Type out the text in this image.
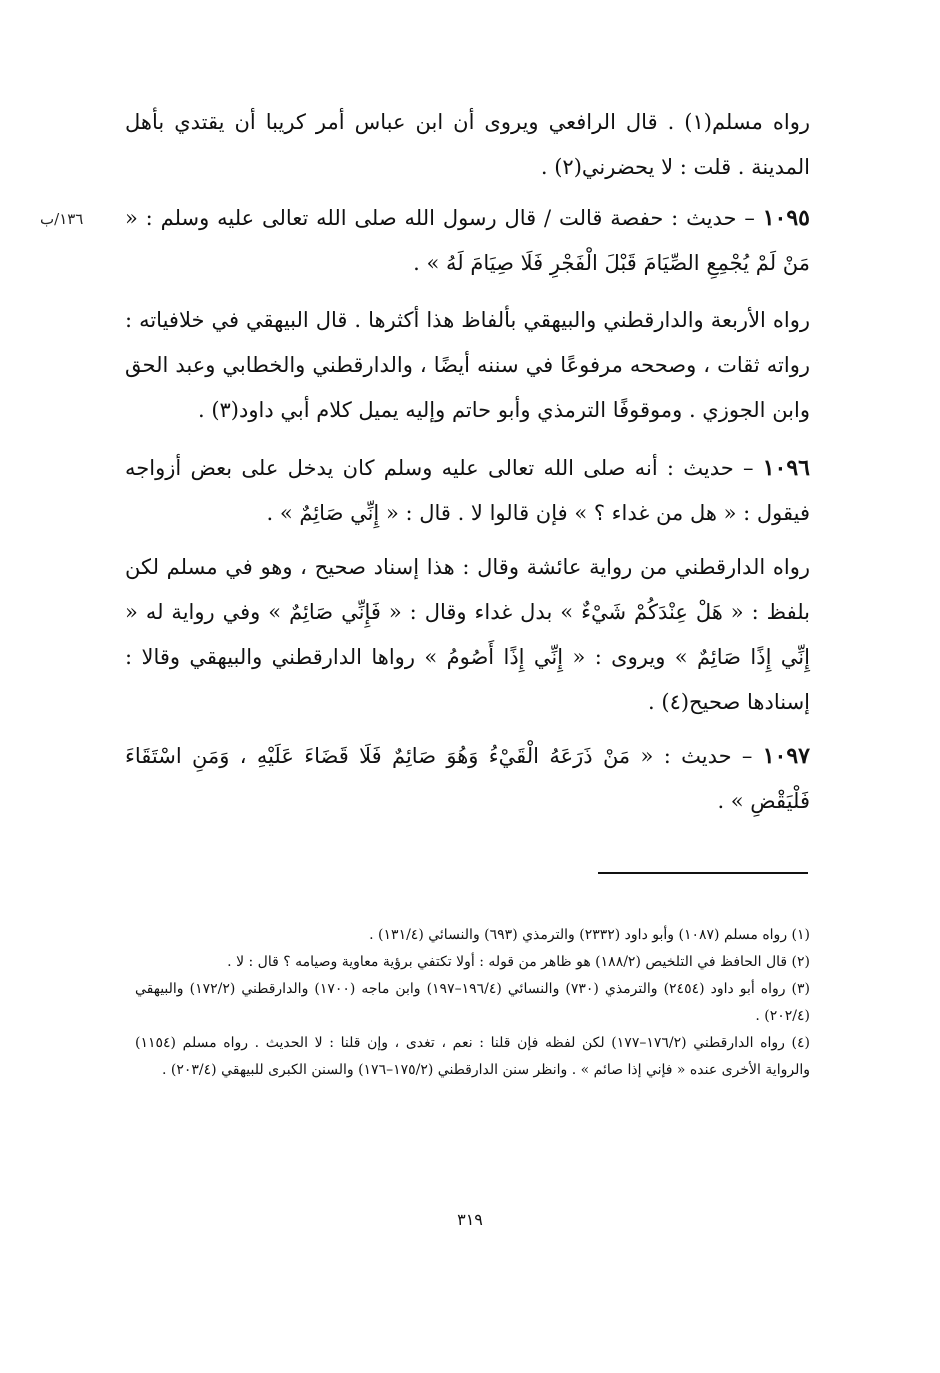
١٣٦/ب

رواه مسلم(١) . قال الرافعي ويروى أن ابن عباس أمر كريبا أن يقتدي بأهل المدينة . قلت : لا يحضرني(٢) .

١٠٩٥ – حديث : حفصة قالت / قال رسول الله صلى الله تعالى عليه وسلم : « مَنْ لَمْ يُجْمِعِ الصِّيَامَ قَبْلَ الْفَجْرِ فَلَا صِيَامَ لَهُ » .

رواه الأربعة والدارقطني والبيهقي بألفاظ هذا أكثرها . قال البيهقي في خلافياته : رواته ثقات ، وصححه مرفوعًا في سننه أيضًا ، والدارقطني والخطابي وعبد الحق وابن الجوزي . وموقوفًا الترمذي وأبو حاتم وإليه يميل كلام أبي داود(٣) .

١٠٩٦ – حديث : أنه صلى الله تعالى عليه وسلم كان يدخل على بعض أزواجه فيقول : « هل من غداء ؟ » فإن قالوا لا . قال : « إِنِّي صَائِمٌ » .

رواه الدارقطني من رواية عائشة وقال : هذا إسناد صحيح ، وهو في مسلم لكن بلفظ : « هَلْ عِنْدَكُمْ شَيْءٌ » بدل غداء وقال : « فَإِنِّي صَائِمٌ » وفي رواية له « إِنِّي إِذًا صَائِمٌ » ويروى : « إِنِّي إِذًا أَصُومُ » رواها الدارقطني والبيهقي وقالا : إسنادها صحيح(٤) .

١٠٩٧ – حديث : « مَنْ ذَرَعَهُ الْقَيْءُ وَهُوَ صَائِمٌ فَلَا قَضَاءَ عَلَيْهِ ، وَمَنِ اسْتَقَاءَ فَلْيَقْضِ » .

(١) رواه مسلم (١٠٨٧) وأبو داود (٢٣٣٢) والترمذي (٦٩٣) والنسائي (١٣١/٤) .

(٢) قال الحافظ في التلخيص (١٨٨/٢) هو ظاهر من قوله : أولا تكتفي برؤية معاوية وصيامه ؟ قال : لا .

(٣) رواه أبو داود (٢٤٥٤) والترمذي (٧٣٠) والنسائي (١٩٦/٤–١٩٧) وابن ماجه (١٧٠٠) والدارقطني (١٧٢/٢) والبيهقي (٢٠٢/٤) .

(٤) رواه الدارقطني (١٧٦/٢–١٧٧) لكن لفظه فإن قلنا : نعم ، تغدى ، وإن قلنا : لا الحديث . رواه مسلم (١١٥٤) والرواية الأخرى عنده « فإني إذا صائم » . وانظر سنن الدارقطني (١٧٥/٢–١٧٦) والسنن الكبرى للبيهقي (٢٠٣/٤) .

٣١٩
